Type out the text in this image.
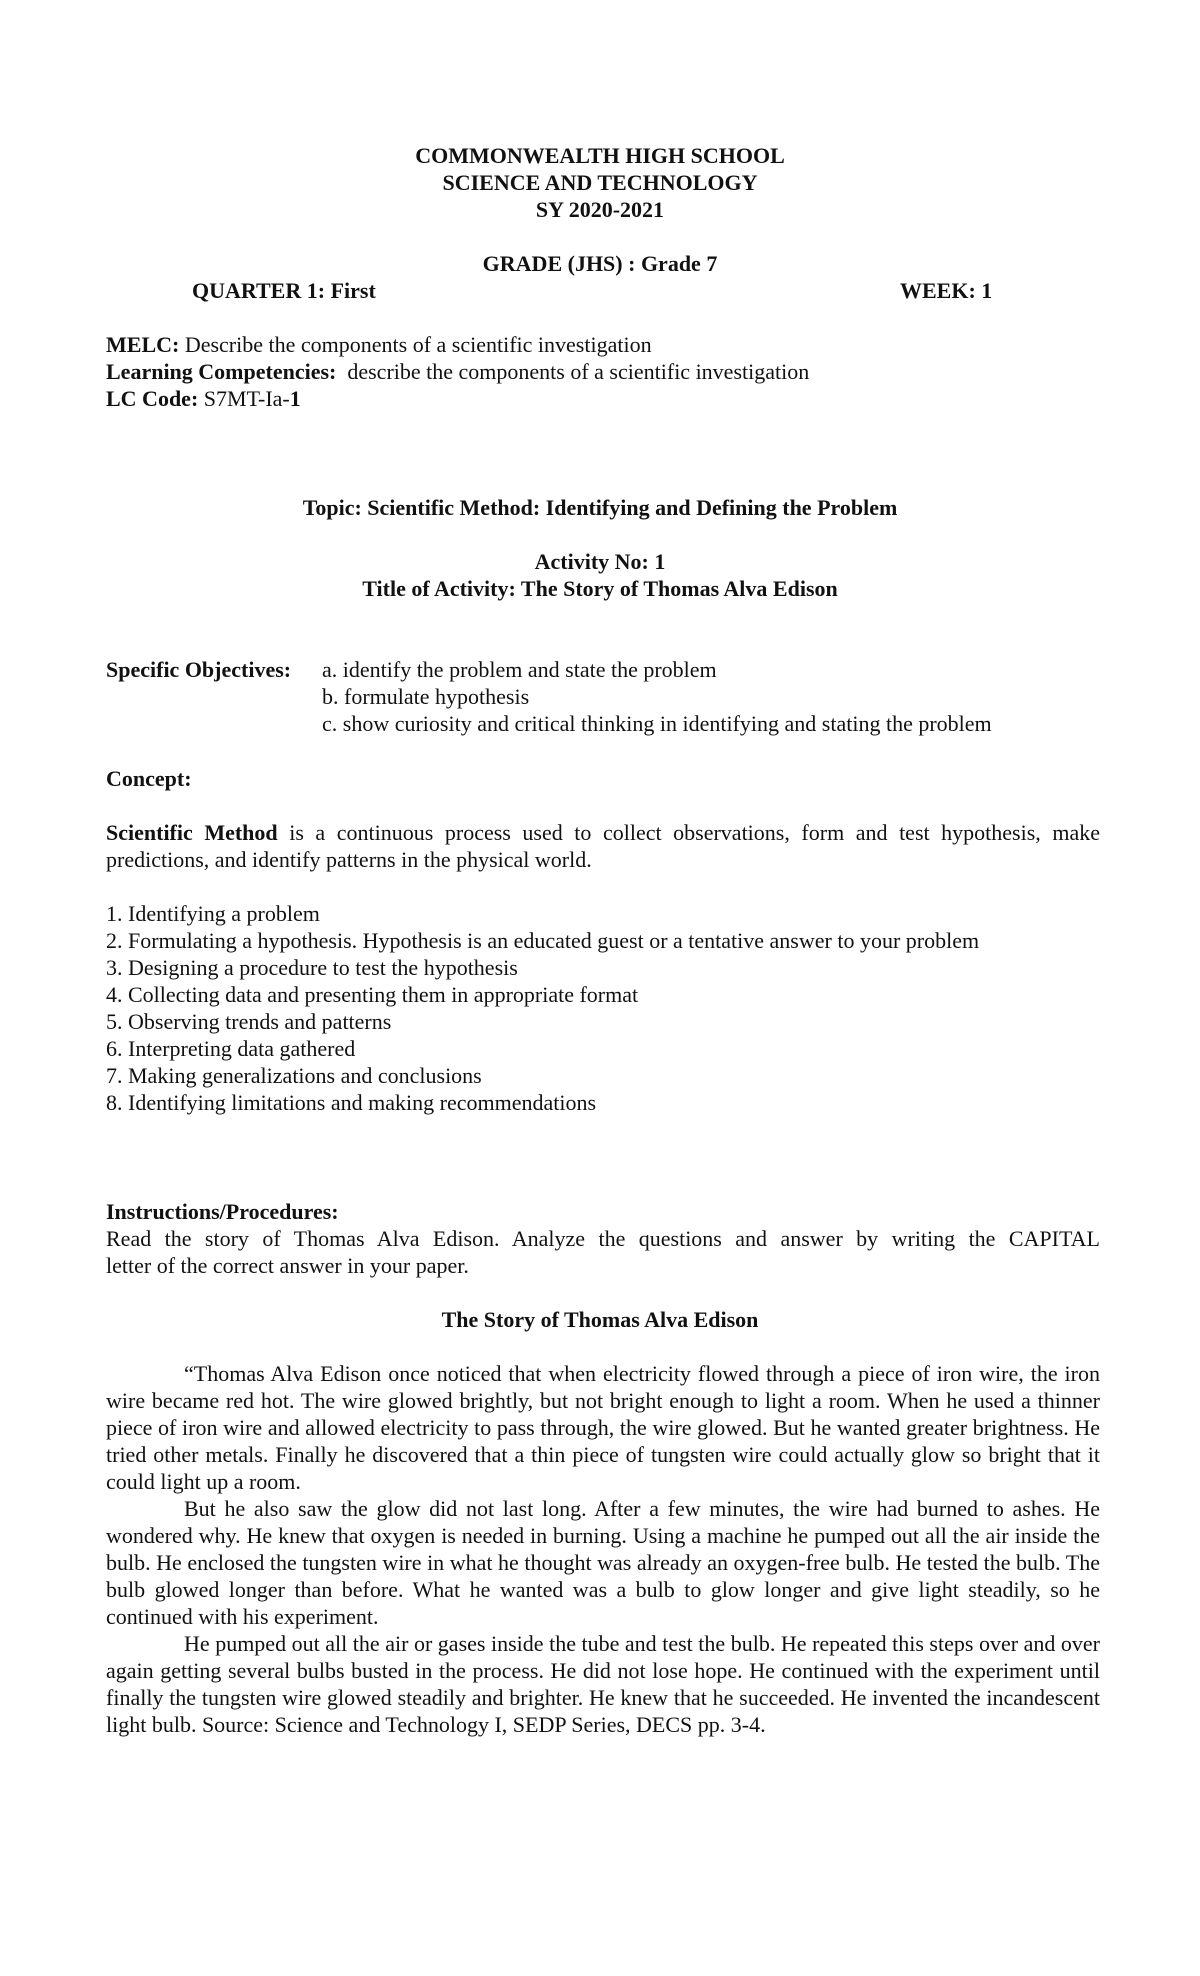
COMMONWEALTH HIGH SCHOOL
SCIENCE AND TECHNOLOGY
SY 2020-2021
GRADE (JHS) : Grade 7
QUARTER 1: First	WEEK: 1
MELC: Describe the components of a scientific investigation
Learning Competencies: describe the components of a scientific investigation
LC Code: S7MT-Ia-1
Topic: Scientific Method: Identifying and Defining the Problem
Activity No: 1
Title of Activity: The Story of Thomas Alva Edison
Specific Objectives: a. identify the problem and state the problem
b. formulate hypothesis
c. show curiosity and critical thinking in identifying and stating the problem
Concept:
Scientific Method is a continuous process used to collect observations, form and test hypothesis, make
predictions, and identify patterns in the physical world.
1. Identifying a problem
2. Formulating a hypothesis. Hypothesis is an educated guest or a tentative answer to your problem
3. Designing a procedure to test the hypothesis
4. Collecting data and presenting them in appropriate format
5. Observing trends and patterns
6. Interpreting data gathered
7. Making generalizations and conclusions
8. Identifying limitations and making recommendations
Instructions/Procedures:
Read the story of Thomas Alva Edison. Analyze the questions and answer by writing the CAPITAL
letter of the correct answer in your paper.
The Story of Thomas Alva Edison
“Thomas Alva Edison once noticed that when electricity flowed through a piece of iron wire, the iron wire became red hot. The wire glowed brightly, but not bright enough to light a room. When he used a thinner piece of iron wire and allowed electricity to pass through, the wire glowed. But he wanted greater brightness. He tried other metals. Finally he discovered that a thin piece of tungsten wire could actually glow so bright that it could light up a room.
But he also saw the glow did not last long. After a few minutes, the wire had burned to ashes. He wondered why. He knew that oxygen is needed in burning. Using a machine he pumped out all the air inside the bulb. He enclosed the tungsten wire in what he thought was already an oxygen-free bulb. He tested the bulb. The bulb glowed longer than before. What he wanted was a bulb to glow longer and give light steadily, so he continued with his experiment.
He pumped out all the air or gases inside the tube and test the bulb. He repeated this steps over and over again getting several bulbs busted in the process. He did not lose hope. He continued with the experiment until finally the tungsten wire glowed steadily and brighter. He knew that he succeeded. He invented the incandescent light bulb. Source: Science and Technology I, SEDP Series, DECS pp. 3-4.
